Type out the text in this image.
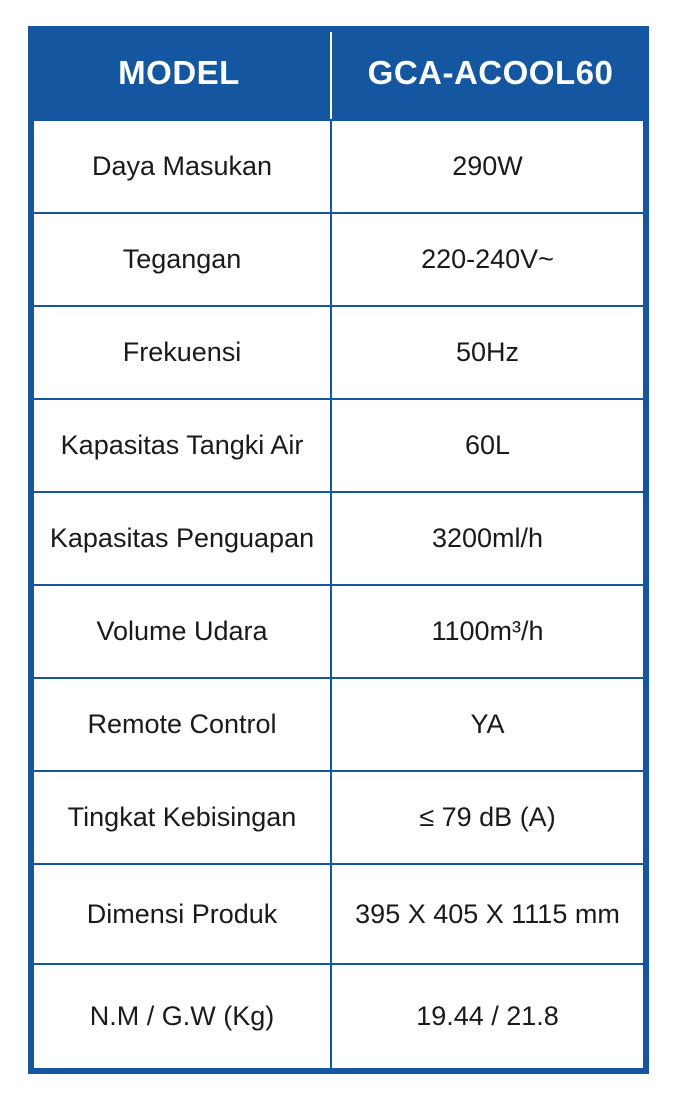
MODEL	GCA-ACOOL60
Daya Masukan	290W
Tegangan	220-240V~
Frekuensi	50Hz
Kapasitas Tangki Air	60L
Kapasitas Penguapan	3200ml/h
Volume Udara	1100m³/h
Remote Control	YA
Tingkat Kebisingan	≤ 79 dB (A)
Dimensi Produk	395 X 405 X 1115 mm
N.M / G.W (Kg)	19.44 / 21.8
